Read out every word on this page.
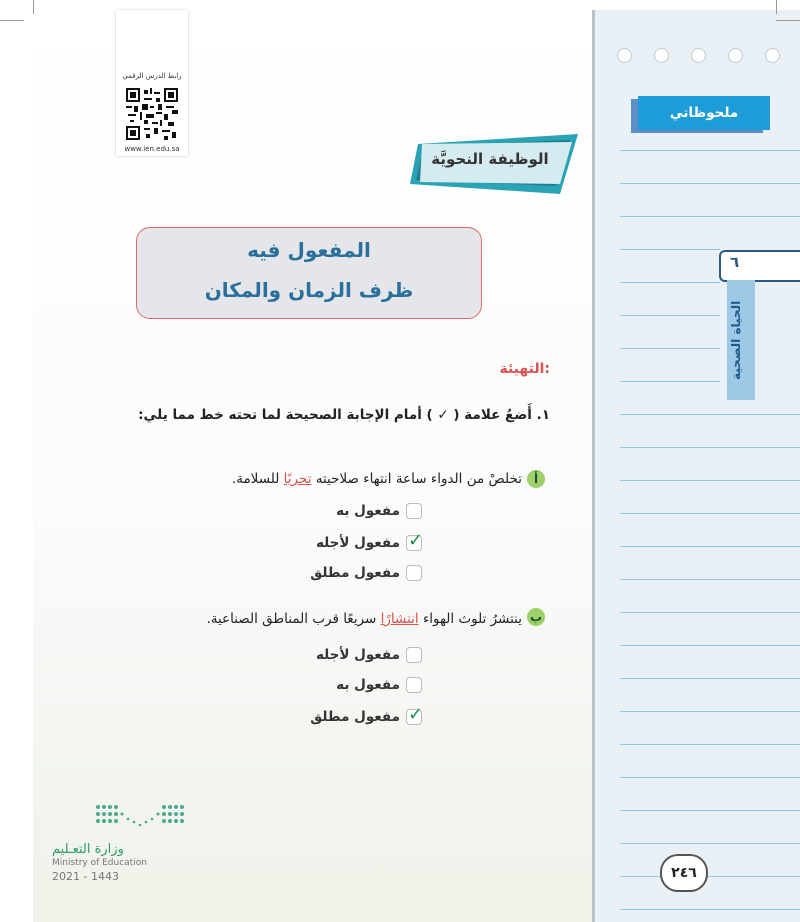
رابط الدرس الرقمي
www.ien.edu.sa
الوظيفة النحويَّة
المفعول فيه
ظرف الزمان والمكان
التهيئة:
١. أَضعُ علامة ( ✓ ) أمام الإجابة الصحيحة لما تحته خط مما يلي:
أ
تخلصْ من الدواء ساعة انتهاء صلاحيته تحريًا للسلامة.
مفعول به
✓
مفعول لأجله
مفعول مطلق
ب
ينتشرُ تلوث الهواء انتشارًا سريعًا قرب المناطق الصناعية.
مفعول لأجله
مفعول به
✓
مفعول مطلق
وزارة التعـليم
Ministry of Education
2021 - 1443
ملحوظاتي
٦
الحياة الصحية
٢٤٦
